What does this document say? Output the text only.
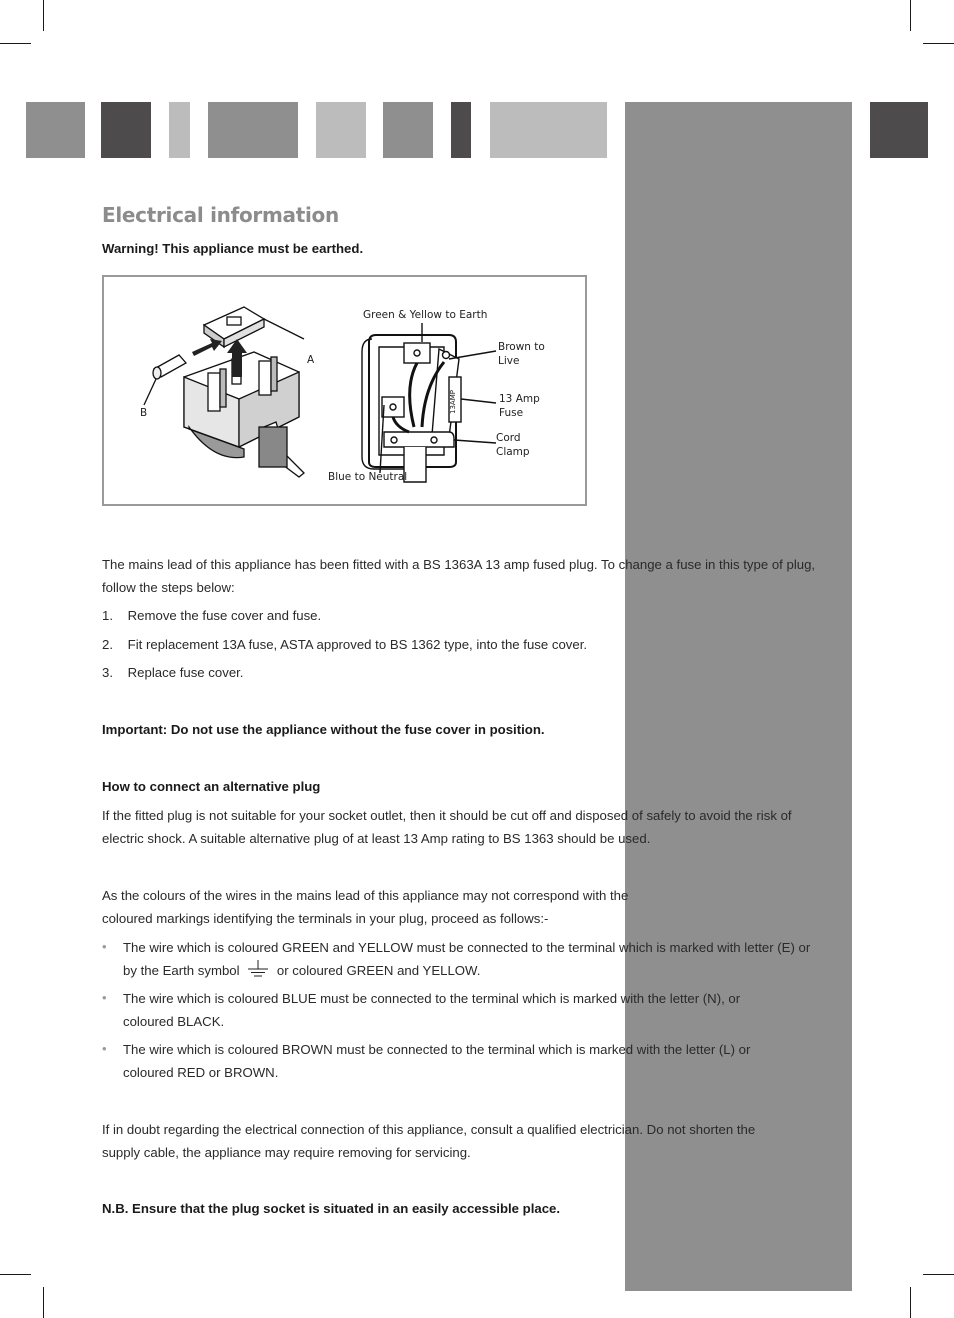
Electrical information
Warning! This appliance must be earthed.
13AMP
A
B
Green & Yellow to Earth
Brown to
Live
13 Amp
Fuse
Cord
Clamp
Blue to Neutral
The mains lead of this appliance has been fitted with a BS 1363A 13 amp fused plug. To change a fuse in this type of plug,
follow the steps below:
1.    Remove the fuse cover and fuse.
2.    Fit replacement 13A fuse, ASTA approved to BS 1362 type, into the fuse cover.
3.    Replace fuse cover.
Important: Do not use the appliance without the fuse cover in position.
How to connect an alternative plug
If the fitted plug is not suitable for your socket outlet, then it should be cut off and disposed of safely to avoid the risk of
electric shock. A suitable alternative plug of at least 13 Amp rating to BS 1363 should be used.
As the colours of the wires in the mains lead of this appliance may not correspond with the
coloured markings identifying the terminals in your plug, proceed as follows:-
• The wire which is coloured GREEN and YELLOW must be connected to the terminal which is marked with letter (E) or
by the Earth symbol	or coloured GREEN and YELLOW.
• The wire which is coloured BLUE must be connected to the terminal which is marked with the letter (N), or
coloured BLACK.
• The wire which is coloured BROWN must be connected to the terminal which is marked with the letter (L) or
coloured RED or BROWN.
If in doubt regarding the electrical connection of this appliance, consult a qualified electrician. Do not shorten the
supply cable, the appliance may require removing for servicing.
N.B. Ensure that the plug socket is situated in an easily accessible place.
